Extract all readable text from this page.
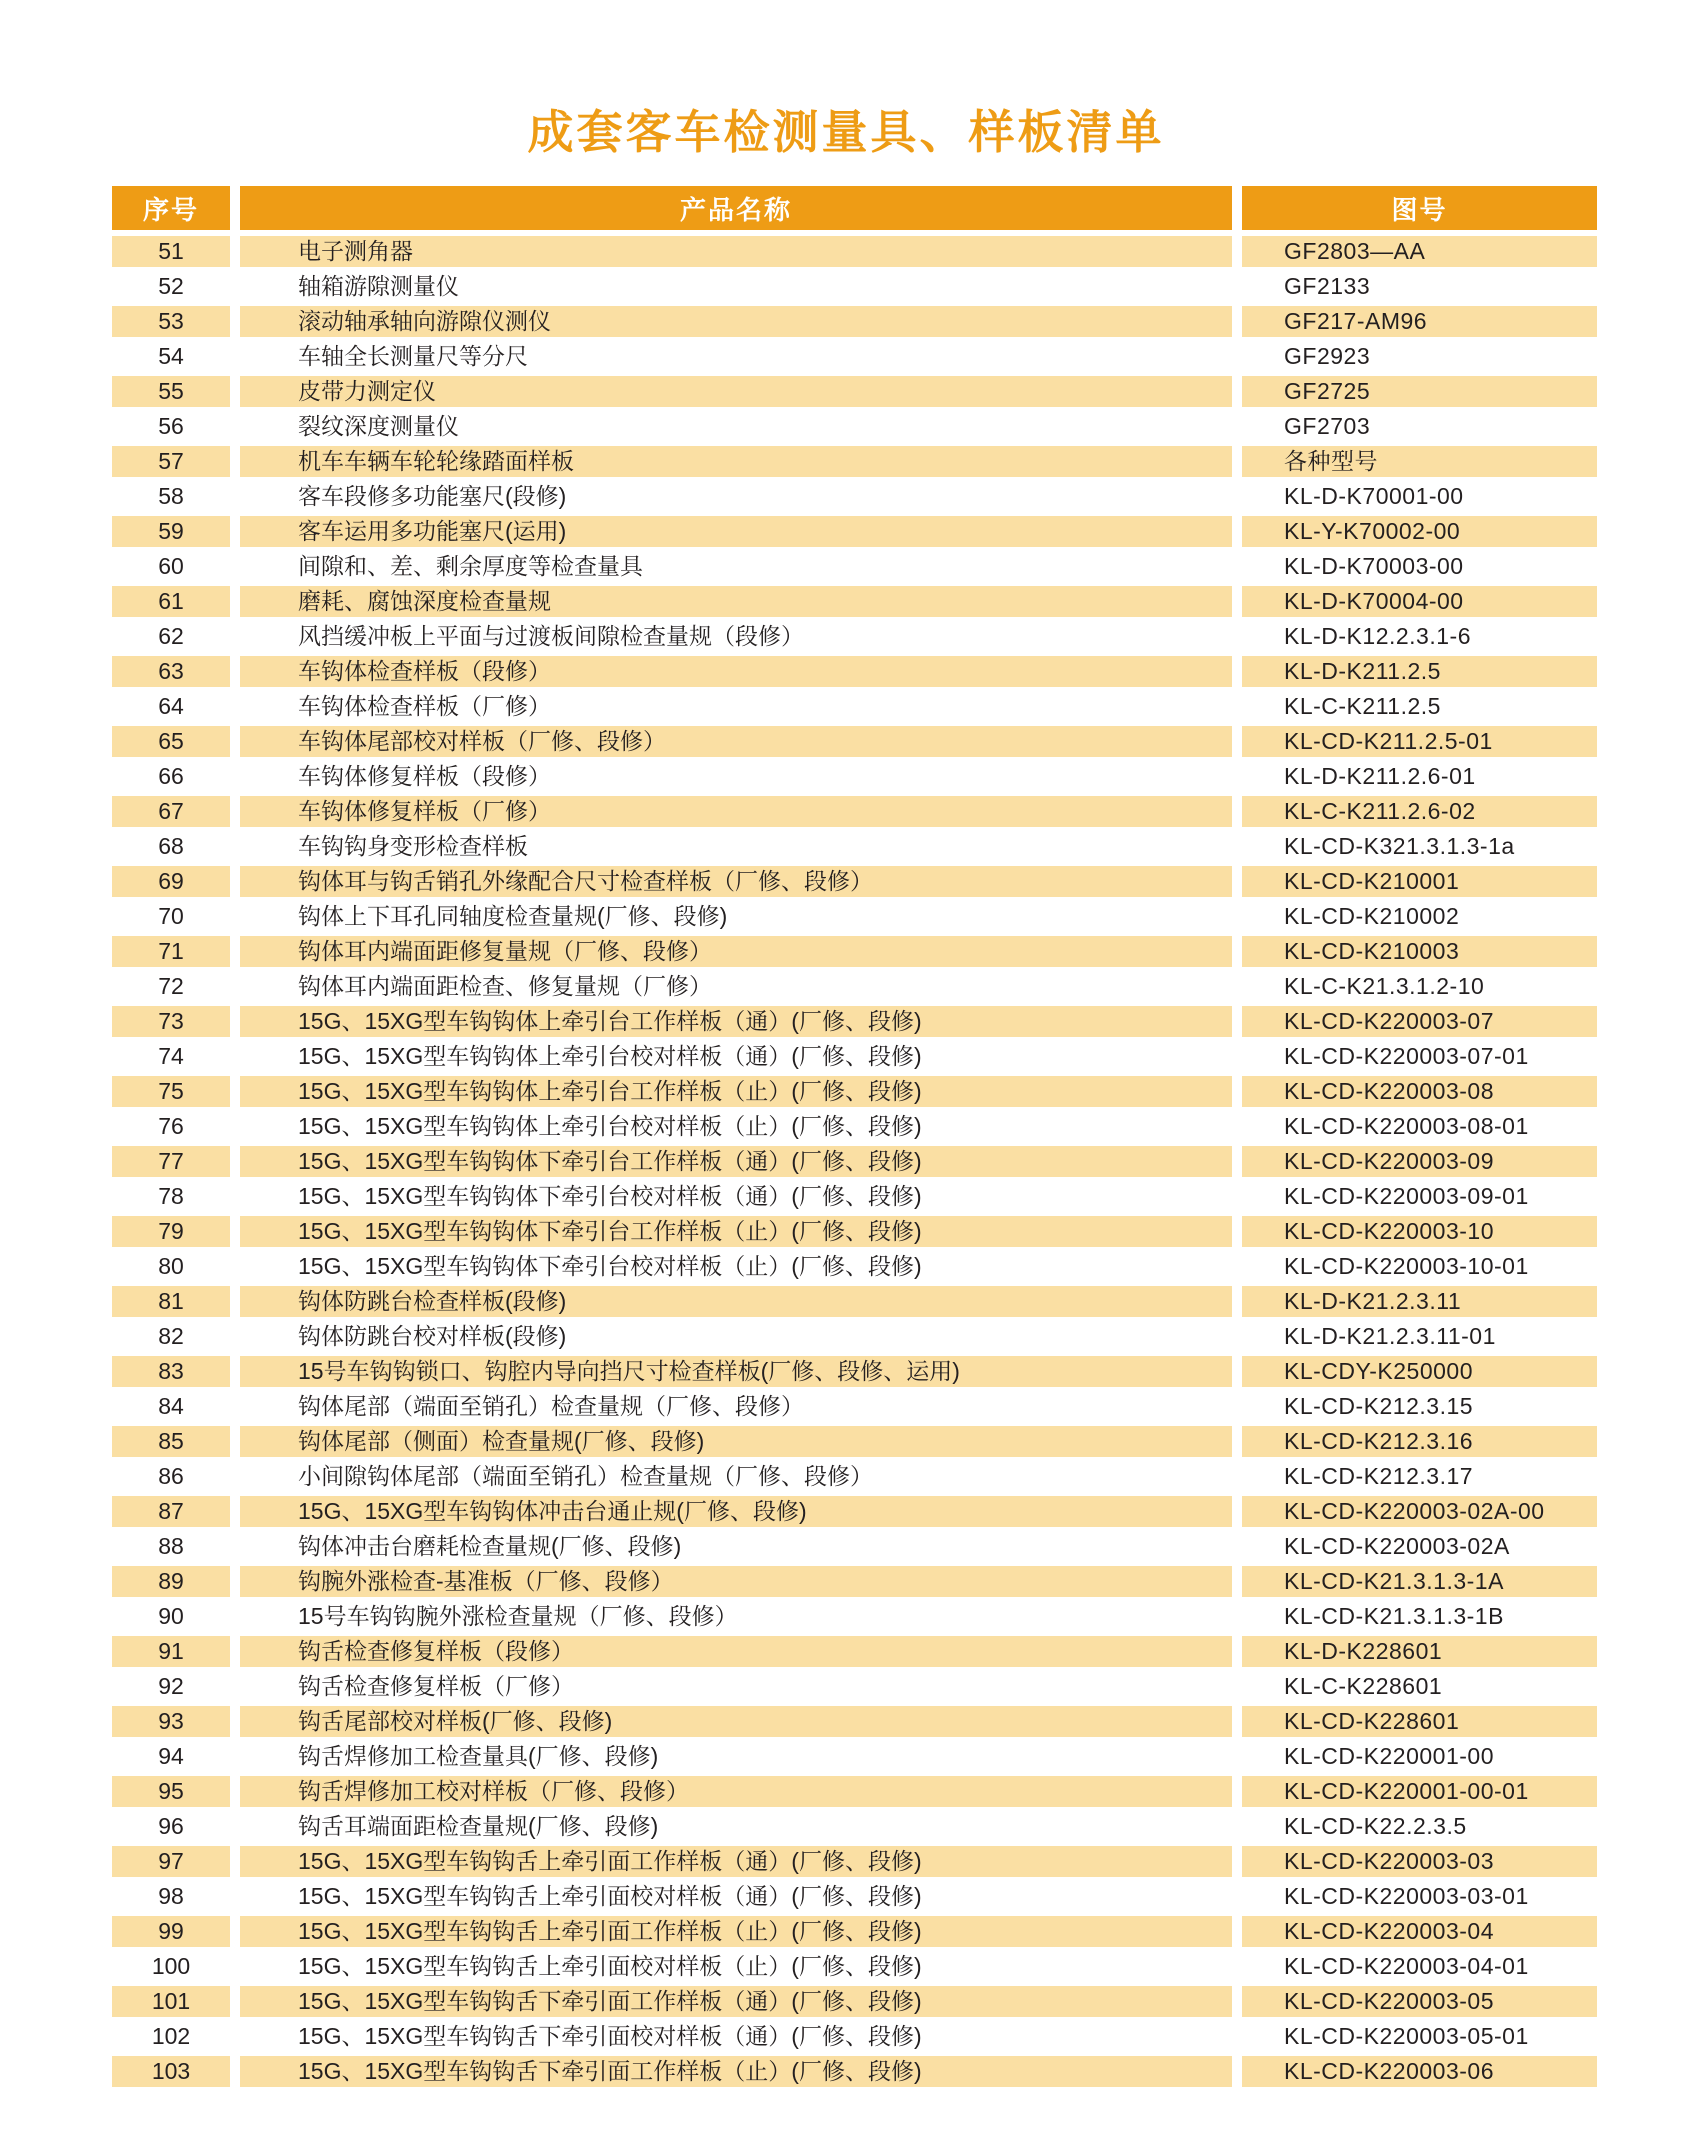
成套客车检测量具、样板清单
序号	产品名称	图号
51	电子测角器	GF2803—AA
52	轴箱游隙测量仪	GF2133
53	滚动轴承轴向游隙仪测仪	GF217-AM96
54	车轴全长测量尺等分尺	GF2923
55	皮带力测定仪	GF2725
56	裂纹深度测量仪	GF2703
57	机车车辆车轮轮缘踏面样板	各种型号
58	客车段修多功能塞尺(段修)	KL-D-K70001-00
59	客车运用多功能塞尺(运用)	KL-Y-K70002-00
60	间隙和、差、剩余厚度等检查量具	KL-D-K70003-00
61	磨耗、腐蚀深度检查量规	KL-D-K70004-00
62	风挡缓冲板上平面与过渡板间隙检查量规（段修）	KL-D-K12.2.3.1-6
63	车钩体检查样板（段修）	KL-D-K211.2.5
64	车钩体检查样板（厂修）	KL-C-K211.2.5
65	车钩体尾部校对样板（厂修、段修）	KL-CD-K211.2.5-01
66	车钩体修复样板（段修）	KL-D-K211.2.6-01
67	车钩体修复样板（厂修）	KL-C-K211.2.6-02
68	车钩钩身变形检查样板	KL-CD-K321.3.1.3-1a
69	钩体耳与钩舌销孔外缘配合尺寸检查样板（厂修、段修）	KL-CD-K210001
70	钩体上下耳孔同轴度检查量规(厂修、段修)	KL-CD-K210002
71	钩体耳内端面距修复量规（厂修、段修）	KL-CD-K210003
72	钩体耳内端面距检查、修复量规（厂修）	KL-C-K21.3.1.2-10
73	15G、15XG型车钩钩体上牵引台工作样板（通）(厂修、段修)	KL-CD-K220003-07
74	15G、15XG型车钩钩体上牵引台校对样板（通）(厂修、段修)	KL-CD-K220003-07-01
75	15G、15XG型车钩钩体上牵引台工作样板（止）(厂修、段修)	KL-CD-K220003-08
76	15G、15XG型车钩钩体上牵引台校对样板（止）(厂修、段修)	KL-CD-K220003-08-01
77	15G、15XG型车钩钩体下牵引台工作样板（通）(厂修、段修)	KL-CD-K220003-09
78	15G、15XG型车钩钩体下牵引台校对样板（通）(厂修、段修)	KL-CD-K220003-09-01
79	15G、15XG型车钩钩体下牵引台工作样板（止）(厂修、段修)	KL-CD-K220003-10
80	15G、15XG型车钩钩体下牵引台校对样板（止）(厂修、段修)	KL-CD-K220003-10-01
81	钩体防跳台检查样板(段修)	KL-D-K21.2.3.11
82	钩体防跳台校对样板(段修)	KL-D-K21.2.3.11-01
83	15号车钩钩锁口、钩腔内导向挡尺寸检查样板(厂修、段修、运用)	KL-CDY-K250000
84	钩体尾部（端面至销孔）检查量规（厂修、段修）	KL-CD-K212.3.15
85	钩体尾部（侧面）检查量规(厂修、段修)	KL-CD-K212.3.16
86	小间隙钩体尾部（端面至销孔）检查量规（厂修、段修）	KL-CD-K212.3.17
87	15G、15XG型车钩钩体冲击台通止规(厂修、段修)	KL-CD-K220003-02A-00
88	钩体冲击台磨耗检查量规(厂修、段修)	KL-CD-K220003-02A
89	钩腕外涨检查-基准板（厂修、段修）	KL-CD-K21.3.1.3-1A
90	15号车钩钩腕外涨检查量规（厂修、段修）	KL-CD-K21.3.1.3-1B
91	钩舌检查修复样板（段修）	KL-D-K228601
92	钩舌检查修复样板（厂修）	KL-C-K228601
93	钩舌尾部校对样板(厂修、段修)	KL-CD-K228601
94	钩舌焊修加工检查量具(厂修、段修)	KL-CD-K220001-00
95	钩舌焊修加工校对样板（厂修、段修）	KL-CD-K220001-00-01
96	钩舌耳端面距检查量规(厂修、段修)	KL-CD-K22.2.3.5
97	15G、15XG型车钩钩舌上牵引面工作样板（通）(厂修、段修)	KL-CD-K220003-03
98	15G、15XG型车钩钩舌上牵引面校对样板（通）(厂修、段修)	KL-CD-K220003-03-01
99	15G、15XG型车钩钩舌上牵引面工作样板（止）(厂修、段修)	KL-CD-K220003-04
100	15G、15XG型车钩钩舌上牵引面校对样板（止）(厂修、段修)	KL-CD-K220003-04-01
101	15G、15XG型车钩钩舌下牵引面工作样板（通）(厂修、段修)	KL-CD-K220003-05
102	15G、15XG型车钩钩舌下牵引面校对样板（通）(厂修、段修)	KL-CD-K220003-05-01
103	15G、15XG型车钩钩舌下牵引面工作样板（止）(厂修、段修)	KL-CD-K220003-06
